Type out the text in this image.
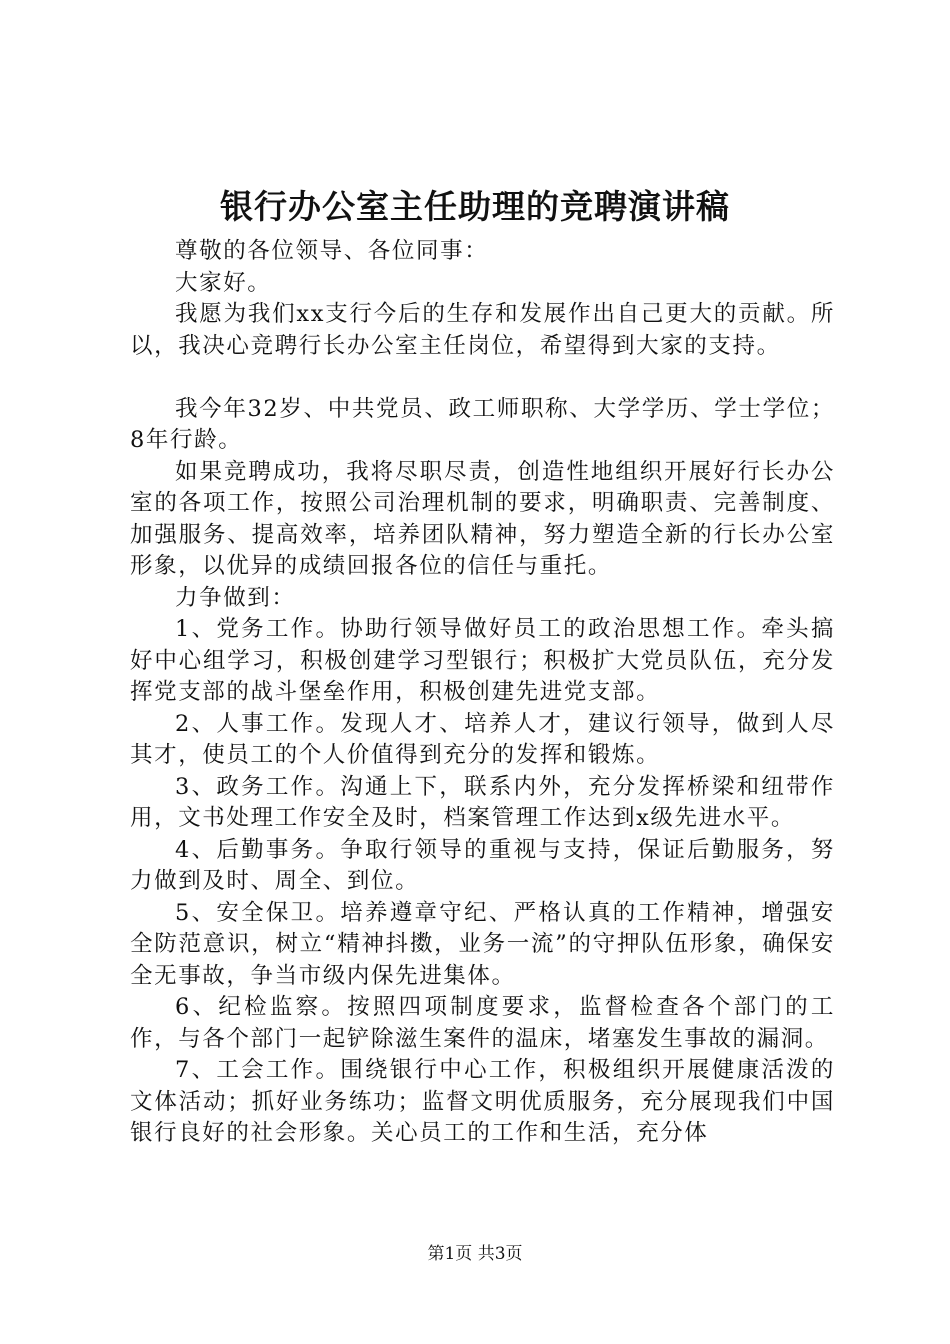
银行办公室主任助理的竞聘演讲稿

尊敬的各位领导、各位同事：

大家好。

我愿为我们xx支行今后的生存和发展作出自己更大的贡献。所以，我决心竞聘行长办公室主任岗位，希望得到大家的支持。

我今年32岁、中共党员、政工师职称、大学学历、学士学位；8年行龄。

如果竞聘成功，我将尽职尽责，创造性地组织开展好行长办公室的各项工作，按照公司治理机制的要求，明确职责、完善制度、加强服务、提高效率，培养团队精神，努力塑造全新的行长办公室形象，以优异的成绩回报各位的信任与重托。

力争做到：

1、党务工作。协助行领导做好员工的政治思想工作。牵头搞好中心组学习，积极创建学习型银行；积极扩大党员队伍，充分发挥党支部的战斗堡垒作用，积极创建先进党支部。

2、人事工作。发现人才、培养人才，建议行领导，做到人尽其才，使员工的个人价值得到充分的发挥和锻炼。

3、政务工作。沟通上下，联系内外，充分发挥桥梁和纽带作用，文书处理工作安全及时，档案管理工作达到x级先进水平。

4、后勤事务。争取行领导的重视与支持，保证后勤服务，努力做到及时、周全、到位。

5、安全保卫。培养遵章守纪、严格认真的工作精神，增强安全防范意识，树立“精神抖擞，业务一流”的守押队伍形象，确保安全无事故，争当市级内保先进集体。

6、纪检监察。按照四项制度要求，监督检查各个部门的工作，与各个部门一起铲除滋生案件的温床，堵塞发生事故的漏洞。

7、工会工作。围绕银行中心工作，积极组织开展健康活泼的文体活动；抓好业务练功；监督文明优质服务，充分展现我们中国银行良好的社会形象。关心员工的工作和生活，充分体

第1页 共3页
